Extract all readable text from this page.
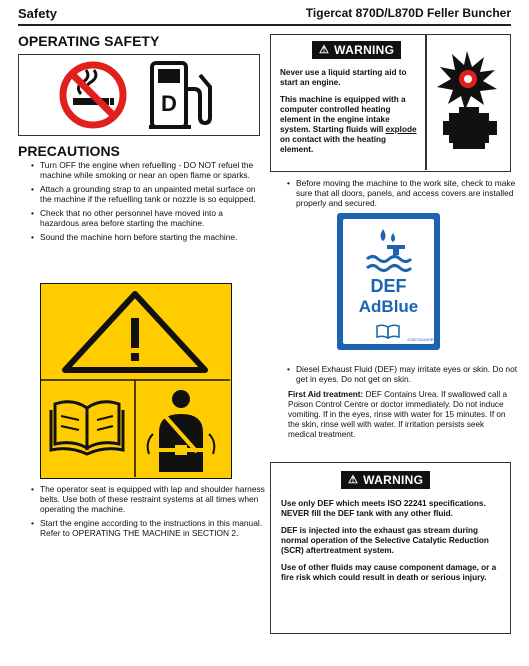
Safety	Tigercat 870D/L870D Feller Buncher
OPERATING SAFETY
D
PRECAUTIONS
• Turn OFF the engine when refuelling - DO NOT refuel the machine while smoking or near an open flame or sparks.
• Attach a grounding strap to an unpainted metal surface on the machine if the refuelling tank or nozzle is so equipped.
• Check that no other personnel have moved into a hazardous area before starting the machine.
• Sound the machine horn before starting the machine.
• The operator seat is equipped with lap and shoulder harness belts. Use both of these restraint systems at all times when operating the machine.
• Start the engine according to the instructions in this manual. Refer to OPERATING THE MACHINE in SECTION 2.
⚠ WARNING

Never use a liquid starting aid to start an engine.

This machine is equipped with a computer controlled heating element in the engine intake system. Starting fluids will explode on contact with the heating element.

• Before moving the machine to the work site, check to make sure that all doors, panels, and access covers are installed properly and secured.
DEF
AdBlue
41087/CAUS/REV
• Diesel Exhaust Fluid (DEF) may irritate eyes or skin. Do not get in eyes. Do not get on skin.
First Aid treatment: DEF Contains Urea. If swallowed call a Poison Control Centre or doctor immediately. Do not induce vomiting. If in the eyes, rinse with water for 15 minutes. If on the skin, rinse well with water. If irritation persists seek medical treatment.
⚠ WARNING

Use only DEF which meets ISO 22241 specifications. NEVER fill the DEF tank with any other fluid.

DEF is injected into the exhaust gas stream during normal operation of the Selective Catalytic Reduction (SCR) aftertreatment system.

Use of other fluids may cause component damage, or a fire risk which could result in death or serious injury.
